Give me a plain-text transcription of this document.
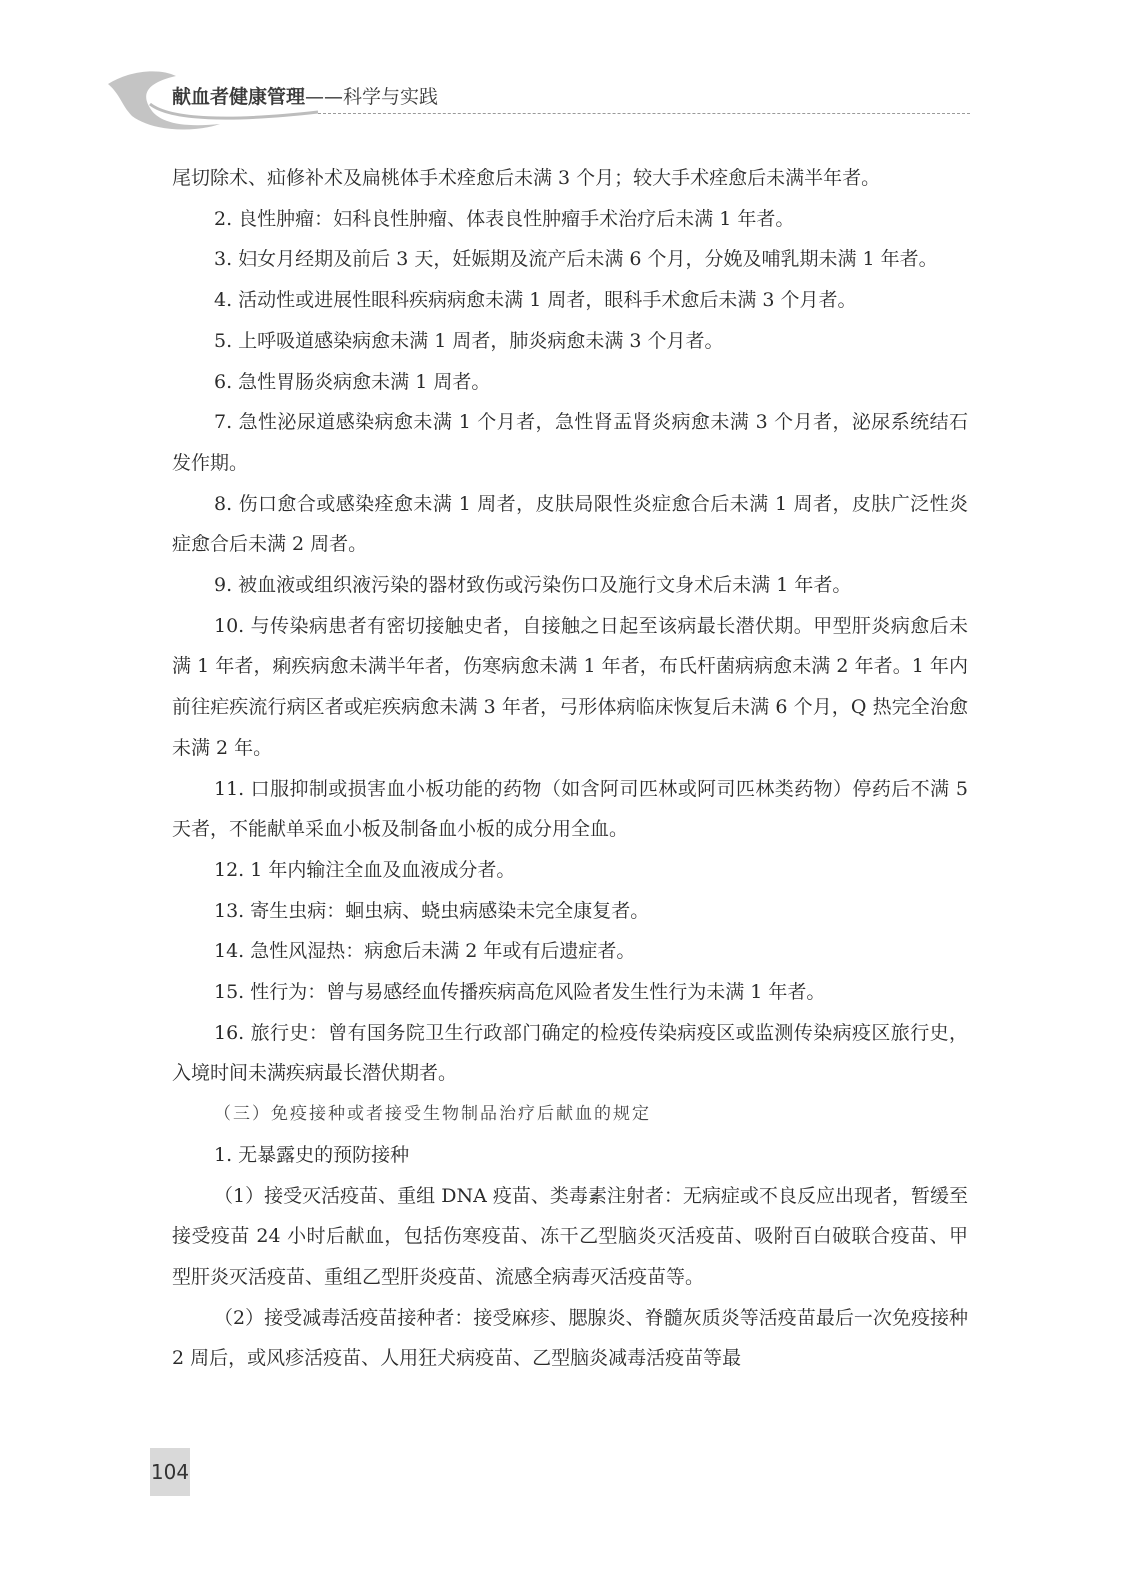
献血者健康管理——科学与实践

尾切除术、疝修补术及扁桃体手术痊愈后未满 3 个月；较大手术痊愈后未满半年者。

2. 良性肿瘤：妇科良性肿瘤、体表良性肿瘤手术治疗后未满 1 年者。

3. 妇女月经期及前后 3 天，妊娠期及流产后未满 6 个月，分娩及哺乳期未满 1 年者。

4. 活动性或进展性眼科疾病病愈未满 1 周者，眼科手术愈后未满 3 个月者。

5. 上呼吸道感染病愈未满 1 周者，肺炎病愈未满 3 个月者。

6. 急性胃肠炎病愈未满 1 周者。

7. 急性泌尿道感染病愈未满 1 个月者，急性肾盂肾炎病愈未满 3 个月者，泌尿系统结石发作期。

8. 伤口愈合或感染痊愈未满 1 周者，皮肤局限性炎症愈合后未满 1 周者，皮肤广泛性炎症愈合后未满 2 周者。

9. 被血液或组织液污染的器材致伤或污染伤口及施行文身术后未满 1 年者。

10. 与传染病患者有密切接触史者，自接触之日起至该病最长潜伏期。甲型肝炎病愈后未满 1 年者，痢疾病愈未满半年者，伤寒病愈未满 1 年者，布氏杆菌病病愈未满 2 年者。1 年内前往疟疾流行病区者或疟疾病愈未满 3 年者，弓形体病临床恢复后未满 6 个月，Q 热完全治愈未满 2 年。

11. 口服抑制或损害血小板功能的药物（如含阿司匹林或阿司匹林类药物）停药后不满 5 天者，不能献单采血小板及制备血小板的成分用全血。

12. 1 年内输注全血及血液成分者。

13. 寄生虫病：蛔虫病、蛲虫病感染未完全康复者。

14. 急性风湿热：病愈后未满 2 年或有后遗症者。

15. 性行为：曾与易感经血传播疾病高危风险者发生性行为未满 1 年者。

16. 旅行史：曾有国务院卫生行政部门确定的检疫传染病疫区或监测传染病疫区旅行史，入境时间未满疾病最长潜伏期者。

（三）免疫接种或者接受生物制品治疗后献血的规定

1. 无暴露史的预防接种

（1）接受灭活疫苗、重组 DNA 疫苗、类毒素注射者：无病症或不良反应出现者，暂缓至接受疫苗 24 小时后献血，包括伤寒疫苗、冻干乙型脑炎灭活疫苗、吸附百白破联合疫苗、甲型肝炎灭活疫苗、重组乙型肝炎疫苗、流感全病毒灭活疫苗等。

（2）接受减毒活疫苗接种者：接受麻疹、腮腺炎、脊髓灰质炎等活疫苗最后一次免疫接种 2 周后，或风疹活疫苗、人用狂犬病疫苗、乙型脑炎减毒活疫苗等最

104
